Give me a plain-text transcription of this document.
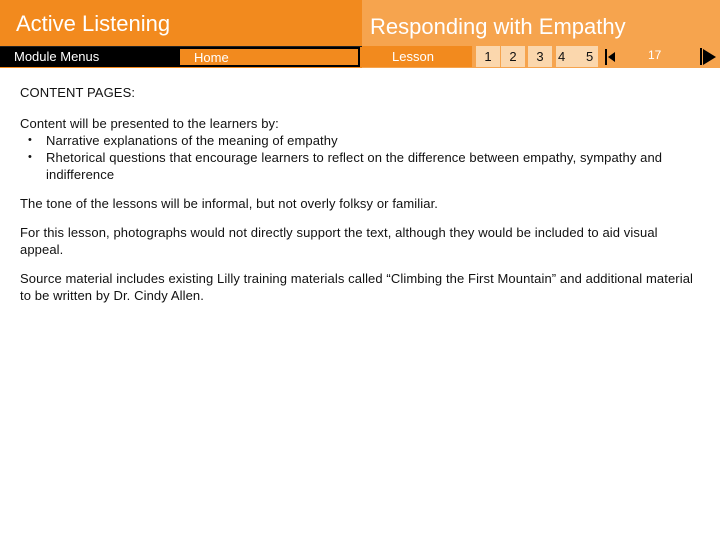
Active Listening
Module Menus	Home
Responding with Empathy
Lesson	1	2	3	4	5	17

CONTENT PAGES:

Content will be presented to the learners by:

• Narrative explanations of the meaning of empathy
• Rhetorical questions that encourage learners to reflect on the difference between empathy, sympathy and indifference

The tone of the lessons will be informal, but not overly folksy or familiar.

For this lesson, photographs would not directly support the text, although they would be included to aid visual appeal.

Source material includes existing Lilly training materials called “Climbing the First Mountain” and additional material to be written by Dr. Cindy Allen.
